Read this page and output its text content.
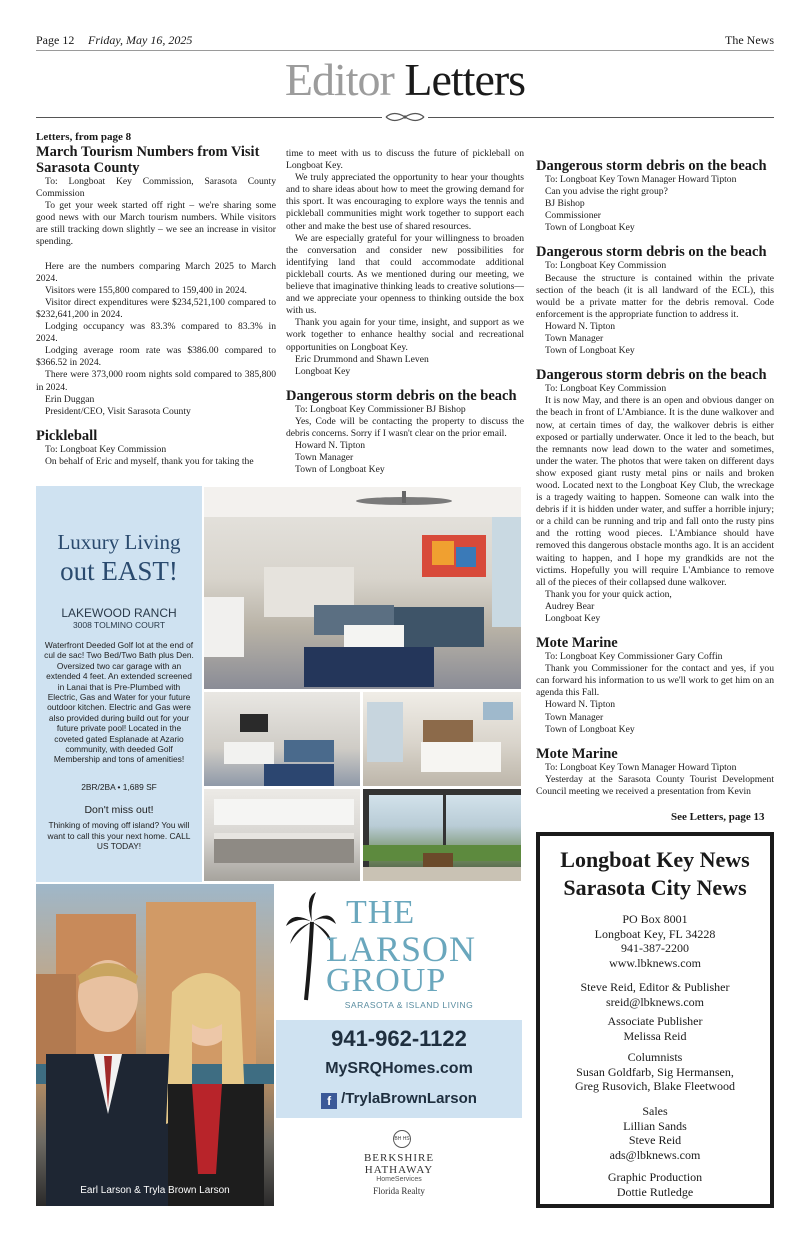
Page 12 Friday, May 16, 2025	The News
Editor Letters

Letters, from page 8

March Tourism Numbers from Visit Sarasota County

To: Longboat Key Commission, Sarasota County Commission

To get your week started off right – we're sharing some good news with our March tourism numbers. While visitors are still tracking down slightly – we see an increase in visitor spending.

Here are the numbers comparing March 2025 to March 2024.

Visitors were 155,800 compared to 159,400 in 2024.

Visitor direct expenditures were $234,521,100 compared to $232,641,200 in 2024.

Lodging occupancy was 83.3% compared to 83.3% in 2024.

Lodging average room rate was $386.00 compared to $366.52 in 2024.

There were 373,000 room nights sold compared to 385,800 in 2024.

Erin Duggan

President/CEO, Visit Sarasota County

Pickleball

To: Longboat Key Commission

On behalf of Eric and myself, thank you for taking the

time to meet with us to discuss the future of pickleball on Longboat Key.

We truly appreciated the opportunity to hear your thoughts and to share ideas about how to meet the growing demand for this sport. It was encouraging to explore ways the tennis and pickleball communities might work together to support each other and make the best use of shared resources.

We are especially grateful for your willingness to broaden the conversation and consider new possibilities for identifying land that could accommodate additional pickleball courts. As we mentioned during our meeting, we believe that imaginative thinking leads to creative solutions—and we appreciate your openness to thinking outside the box with us.

Thank you again for your time, insight, and support as we work together to enhance healthy social and recreational opportunities on Longboat Key.

Eric Drummond and Shawn Leven

Longboat Key

Dangerous storm debris on the beach

To: Longboat Key Commissioner BJ Bishop

Yes, Code will be contacting the property to discuss the debris concerns. Sorry if I wasn't clear on the prior email.

Howard N. Tipton

Town Manager

Town of Longboat Key

Dangerous storm debris on the beach

To: Longboat Key Town Manager Howard Tipton

Can you advise the right group?

BJ Bishop

Commissioner

Town of Longboat Key

Dangerous storm debris on the beach

To: Longboat Key Commission

Because the structure is contained within the private section of the beach (it is all landward of the ECL), this would be a private matter for the debris removal. Code enforcement is the appropriate function to address it.

Howard N. Tipton

Town Manager

Town of Longboat Key

Dangerous storm debris on the beach

To: Longboat Key Commission

It is now May, and there is an open and obvious danger on the beach in front of L'Ambiance. It is the dune walkover and now, at certain times of day, the walkover debris is either exposed or partially underwater. Once it led to the beach, but the remnants now lead down to the water and sometimes, under the water. The photos that were taken on different days show exposed giant rusty metal pins or nails and broken wood. Located next to the Longboat Key Club, the wreckage is a tragedy waiting to happen. Someone can walk into the debris if it is hidden under water, and suffer a horrible injury; or a child can be running and trip and fall onto the rusty pins and the rotting wood pieces. L'Ambiance should have removed this dangerous obstacle months ago. It is an accident waiting to happen, and I hope my grandkids are not the victims. Hopefully you will require L'Ambiance to remove all of the pieces of their collapsed dune walkover.

Thank you for your quick action,

Audrey Bear

Longboat Key

Mote Marine

To: Longboat Key Commissioner Gary Coffin

Thank you Commissioner for the contact and yes, if you can forward his information to us we'll work to get him on an agenda this Fall.

Howard N. Tipton

Town Manager

Town of Longboat Key

Mote Marine

To: Longboat Key Town Manager Howard Tipton

Yesterday at the Sarasota County Tourist Development Council meeting we received a presentation from Kevin

See Letters, page 13
Luxury Living
out EAST!
LAKEWOOD RANCH
3008 TOLMINO COURT
Waterfront Deeded Golf lot at the end of cul de sac! Two Bed/Two Bath plus Den. Oversized two car garage with an extended 4 feet. An extended screened in Lanai that is Pre-Plumbed with Electric, Gas and Water for your future outdoor kitchen. Electric and Gas were also provided during build out for your future private pool! Located in the coveted gated Esplanade at Azario community, with deeded Golf Membership and tons of amenities!
2BR/2BA • 1,689 SF
Don't miss out!
Thinking of moving off island? You will want to call this your next home. CALL US TODAY!
Earl Larson & Tryla Brown Larson
THE
LARSON
GROUP
SARASOTA & ISLAND LIVING
941-962-1122
MySRQHomes.com
f /TrylaBrownLarson
BH HS
BERKSHIRE
HATHAWAY
HomeServices
Florida Realty
Longboat Key News
Sarasota City News
PO Box 8001
Longboat Key, FL 34228
941-387-2200
www.lbknews.com
Steve Reid, Editor & Publisher
sreid@lbknews.com
Associate Publisher
Melissa Reid
Columnists
Susan Goldfarb, Sig Hermansen,
Greg Rusovich, Blake Fleetwood
Sales
Lillian Sands
Steve Reid
ads@lbknews.com
Graphic Production
Dottie Rutledge
